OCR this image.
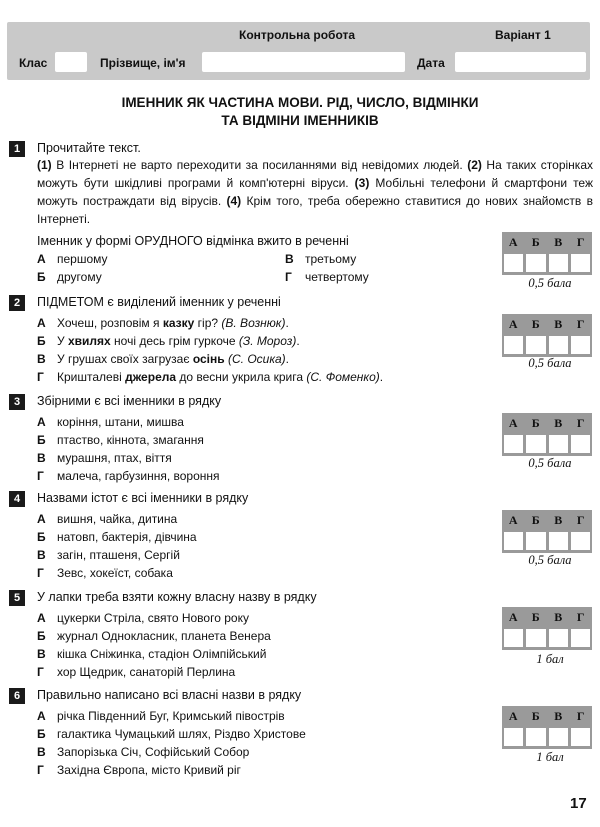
Контрольна робота	Варіант 1
Клас	Прізвище, ім'я	Дата
ІМЕННИК ЯК ЧАСТИНА МОВИ. РІД, ЧИСЛО, ВІДМІНКИ
ТА ВІДМІНИ ІМЕННИКІВ
1	Прочитайте текст.
(1) В Інтернеті не варто переходити за посиланнями від невідомих людей. (2) На таких сторінках можуть бути шкідливі програми й комп'ютерні віруси. (3) Мобільні телефони й смартфони теж можуть постраждати від вірусів. (4) Крім того, треба обережно ставитися до нових знайомств в Інтернеті.
Іменник у формі ОРУДНОГО відмінка вжито в реченні
А першому
Б другому
В третьому
Г четвертому
А	Б	В	Г
0,5 бала
2	ПІДМЕТОМ є виділений іменник у реченні
А Хочеш, розповім я казку гір? (В. Вознюк).
Б У хвилях ночі десь грім гуркоче (З. Мороз).
В У грушах своїх загрузає осінь (С. Осика).
Г Кришталеві джерела до весни укрила крига (С. Фоменко).
А	Б	В	Г
0,5 бала
3	Збірними є всі іменники в рядку
А коріння, штани, мишва
Б птаство, кіннота, змагання
В мурашня, птах, віття
Г малеча, гарбузиння, вороння
А	Б	В	Г
0,5 бала
4	Назвами істот є всі іменники в рядку
А вишня, чайка, дитина
Б натовп, бактерія, дівчина
В загін, пташеня, Сергій
Г Зевс, хокеїст, собака
А	Б	В	Г
0,5 бала
5	У лапки треба взяти кожну власну назву в рядку
А цукерки Стріла, свято Нового року
Б журнал Однокласник, планета Венера
В кішка Сніжинка, стадіон Олімпійський
Г хор Щедрик, санаторій Перлина
А	Б	В	Г
1 бал
6	Правильно написано всі власні назви в рядку
А річка Південний Буг, Кримський півострів
Б галактика Чумацький шлях, Різдво Христове
В Запорізька Січ, Софійський Собор
Г Західна Європа, місто Кривий ріг
А	Б	В	Г
1 бал
17
